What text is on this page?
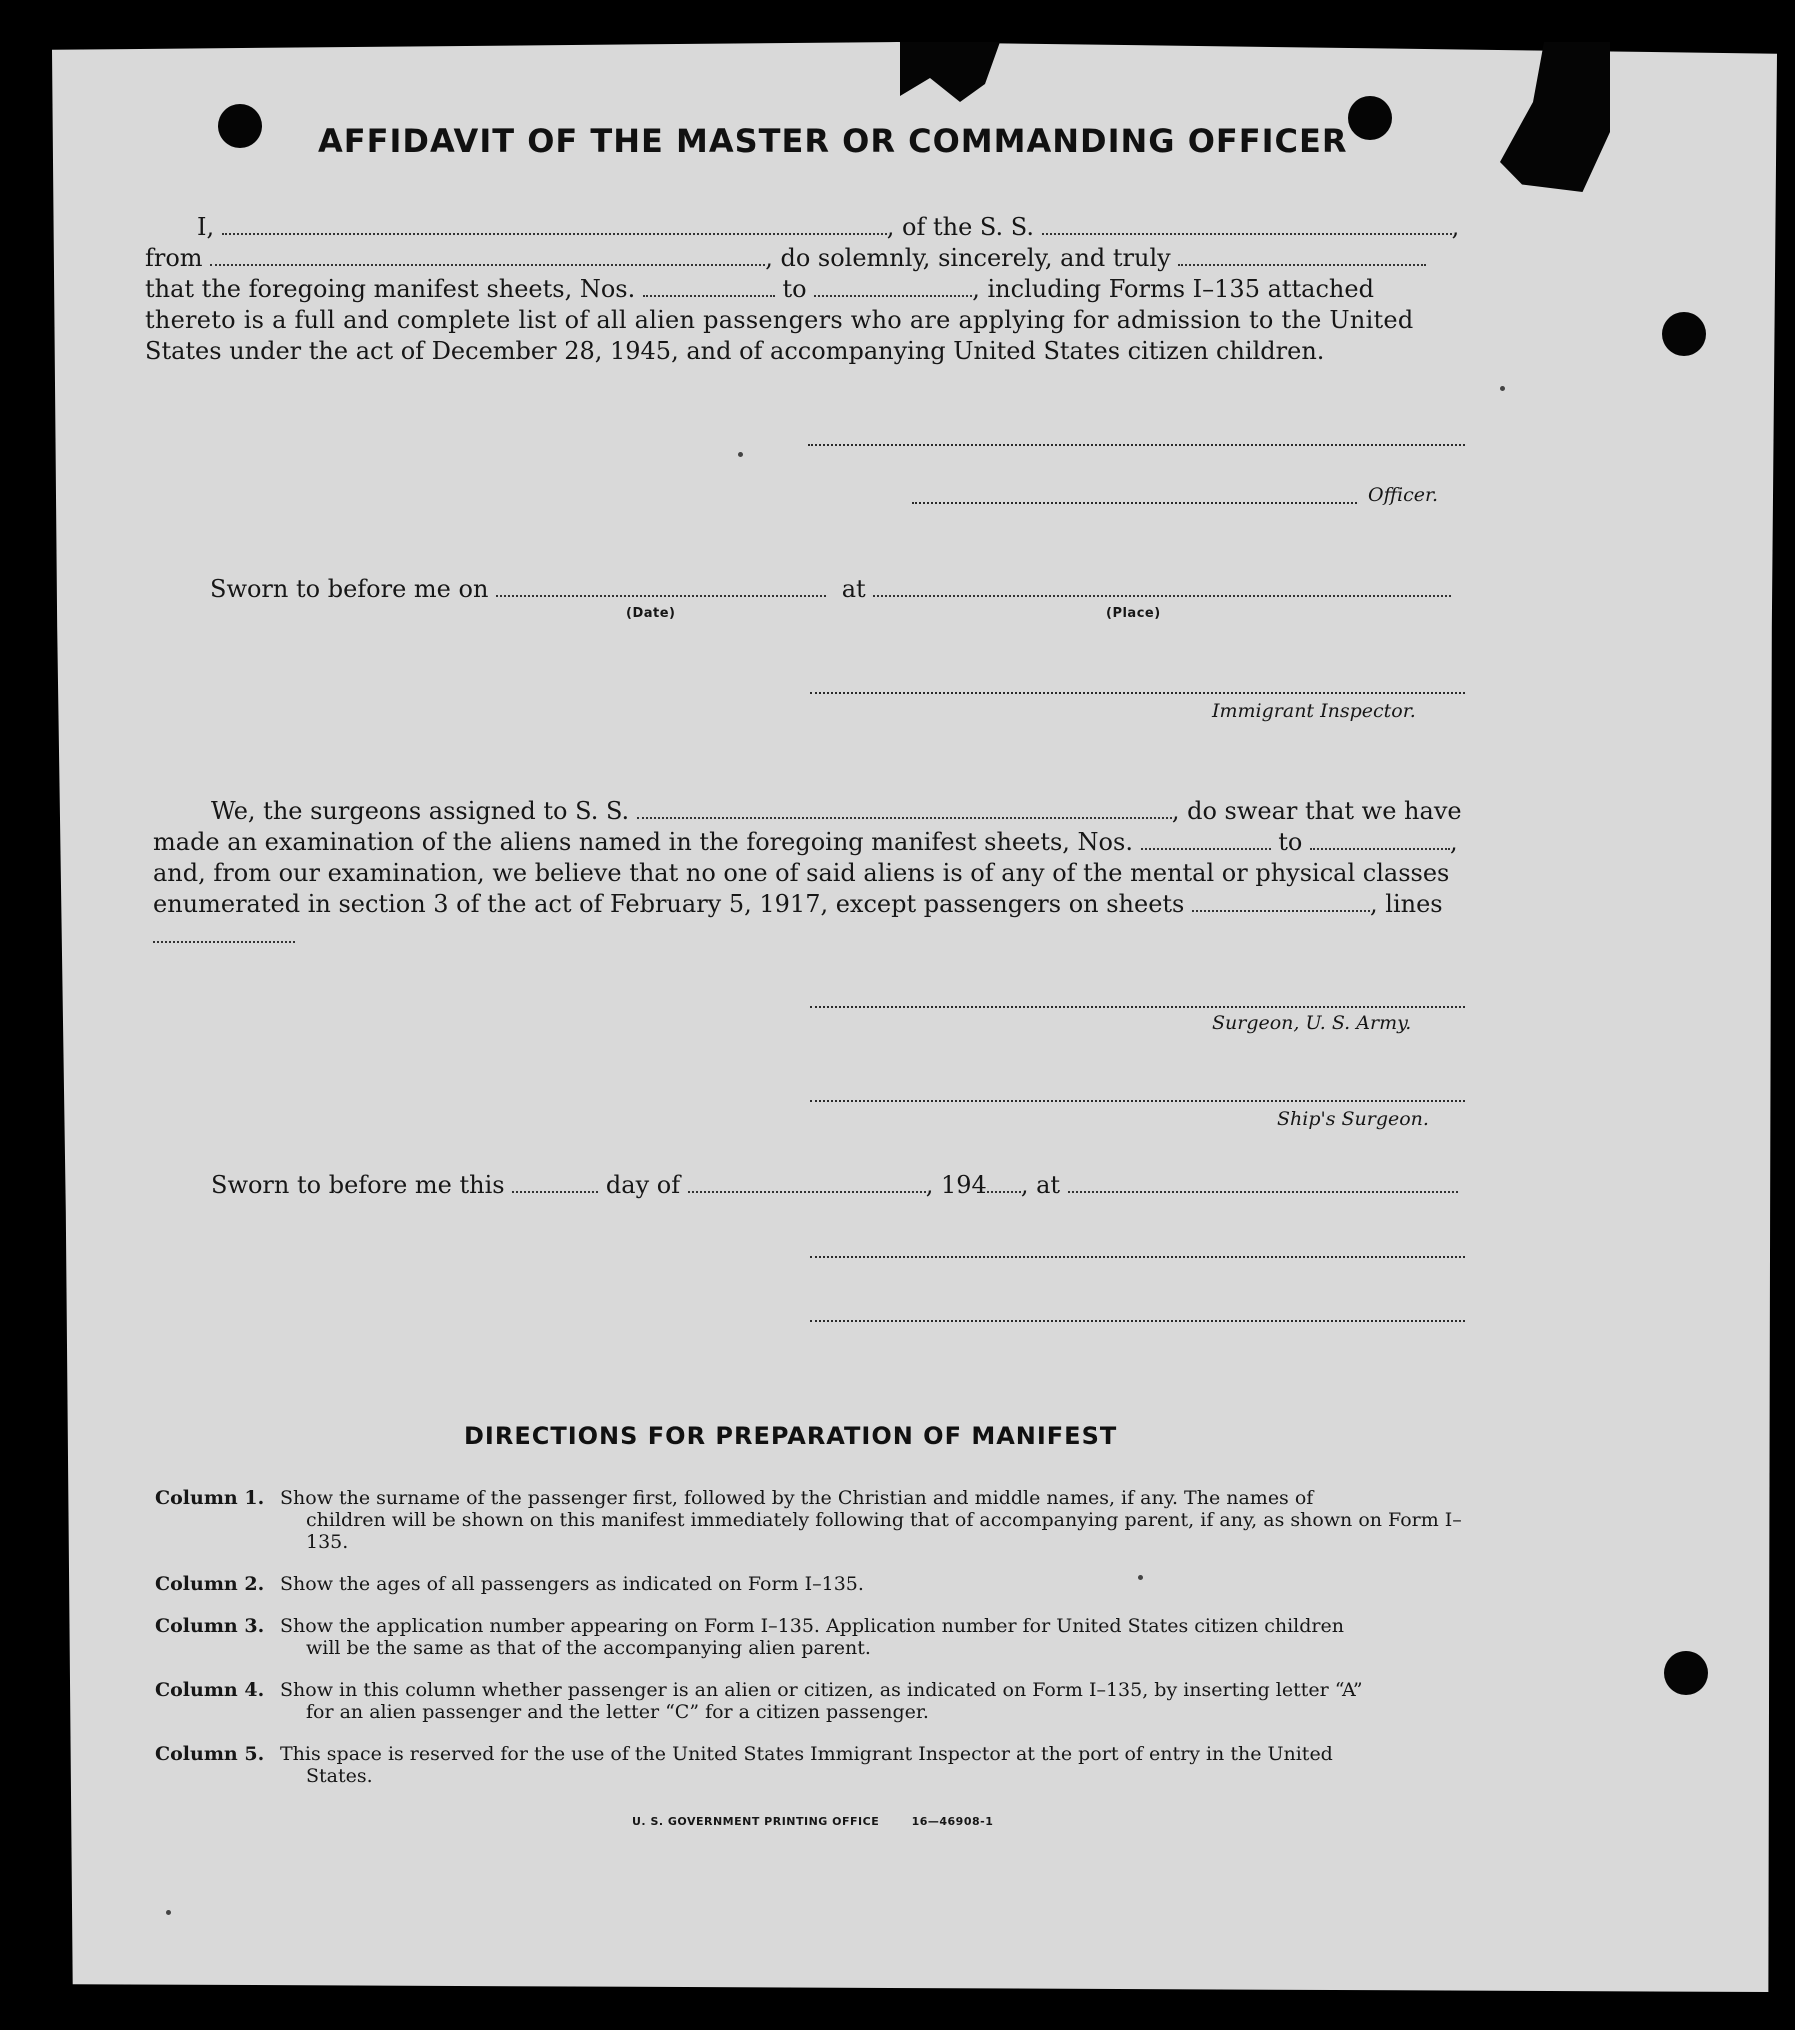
AFFIDAVIT OF THE MASTER OR COMMANDING OFFICER
I,	, of the S. S.	,
from	, do solemnly, sincerely, and truly
that the foregoing manifest sheets, Nos.	to	, including Forms I–135 attached
thereto is a full and complete list of all alien passengers who are applying for admission to the United
States under the act of December 28, 1945, and of accompanying United States citizen children.
Officer.
Sworn to before me on	at
(Date)	(Place)
Immigrant Inspector.
We, the surgeons assigned to S. S.	, do swear that we have
made an examination of the aliens named in the foregoing manifest sheets, Nos.	to	,
and, from our examination, we believe that no one of said aliens is of any of the mental or physical classes
enumerated in section 3 of the act of February 5, 1917, except passengers on sheets	, lines
Surgeon, U. S. Army.
Ship's Surgeon.
Sworn to before me this	day of	, 194 , at
DIRECTIONS FOR PREPARATION OF MANIFEST
Column 1. Show the surname of the passenger first, followed by the Christian and middle names, if any. The names of
children will be shown on this manifest immediately following that of accompanying parent, if any, as shown on Form I–135.
Column 2. Show the ages of all passengers as indicated on Form I–135.
Column 3. Show the application number appearing on Form I–135. Application number for United States citizen children
will be the same as that of the accompanying alien parent.
Column 4. Show in this column whether passenger is an alien or citizen, as indicated on Form I–135, by inserting letter “A”
for an alien passenger and the letter “C” for a citizen passenger.
Column 5. This space is reserved for the use of the United States Immigrant Inspector at the port of entry in the United
States.
U. S. GOVERNMENT PRINTING OFFICE	16—46908-1
